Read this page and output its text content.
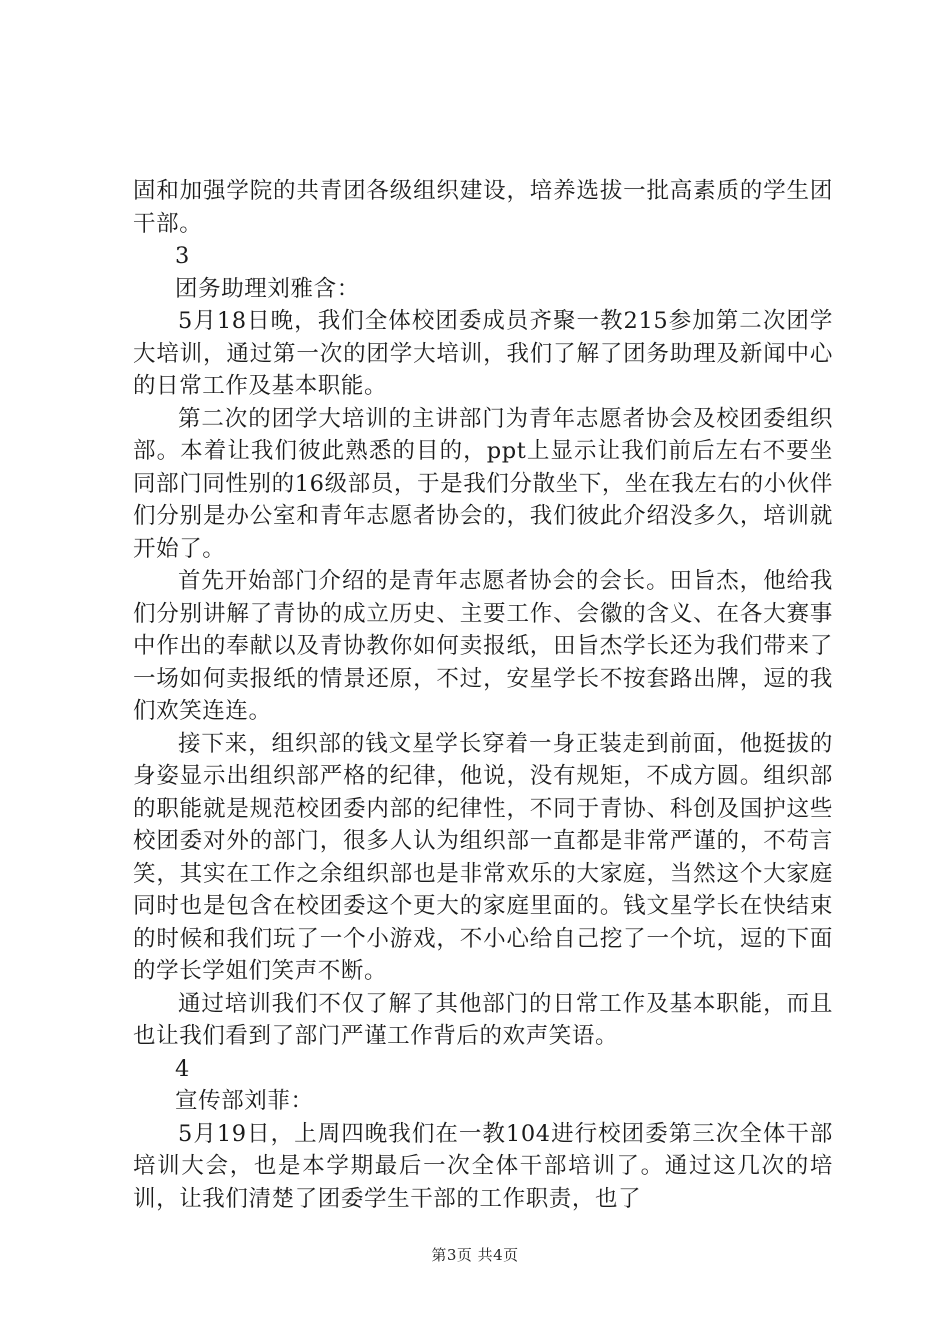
固和加强学院的共青团各级组织建设，培养选拔一批高素质的学生团干部。

3

团务助理刘雅含：

5月18日晚，我们全体校团委成员齐聚一教215参加第二次团学大培训，通过第一次的团学大培训，我们了解了团务助理及新闻中心的日常工作及基本职能。

第二次的团学大培训的主讲部门为青年志愿者协会及校团委组织部。本着让我们彼此熟悉的目的，ppt上显示让我们前后左右不要坐同部门同性别的16级部员，于是我们分散坐下，坐在我左右的小伙伴们分别是办公室和青年志愿者协会的，我们彼此介绍没多久，培训就开始了。

首先开始部门介绍的是青年志愿者协会的会长。田旨杰，他给我们分别讲解了青协的成立历史、主要工作、会徽的含义、在各大赛事中作出的奉献以及青协教你如何卖报纸，田旨杰学长还为我们带来了一场如何卖报纸的情景还原，不过，安星学长不按套路出牌，逗的我们欢笑连连。

接下来，组织部的钱文星学长穿着一身正装走到前面，他挺拔的身姿显示出组织部严格的纪律，他说，没有规矩，不成方圆。组织部的职能就是规范校团委内部的纪律性，不同于青协、科创及国护这些校团委对外的部门，很多人认为组织部一直都是非常严谨的，不苟言笑，其实在工作之余组织部也是非常欢乐的大家庭，当然这个大家庭同时也是包含在校团委这个更大的家庭里面的。钱文星学长在快结束的时候和我们玩了一个小游戏，不小心给自己挖了一个坑，逗的下面的学长学姐们笑声不断。

通过培训我们不仅了解了其他部门的日常工作及基本职能，而且也让我们看到了部门严谨工作背后的欢声笑语。

4

宣传部刘菲：

5月19日，上周四晚我们在一教104进行校团委第三次全体干部培训大会，也是本学期最后一次全体干部培训了。通过这几次的培训，让我们清楚了团委学生干部的工作职责，也了

第3页 共4页
